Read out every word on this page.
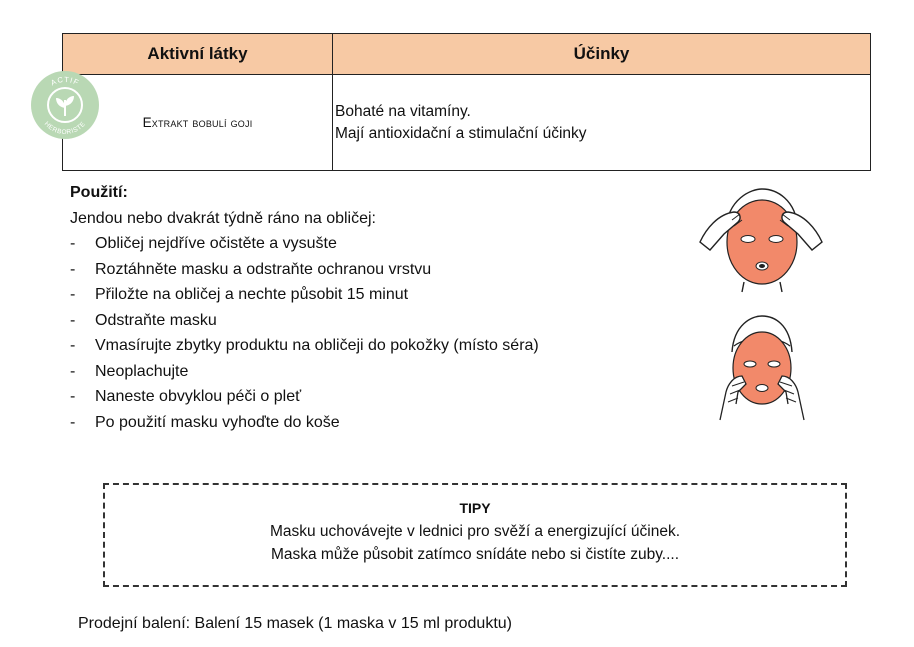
Aktivní látky	Účinky
Extrakt bobulí goji	Bohaté na vitamíny.
Mají antioxidační a stimulační účinky
ACTIF
HERBORISTE
Použití:
Jendou nebo dvakrát týdně ráno na obličej:
- Obličej nejdříve očistěte a vysušte
- Roztáhněte masku a odstraňte ochranou vrstvu
- Přiložte na obličej a nechte působit 15 minut
- Odstraňte masku
- Vmasírujte zbytky produktu na obličeji do pokožky (místo séra)
- Neoplachujte
- Naneste obvyklou péči o pleť
- Po použití masku vyhoďte do koše
TIPY
Masku uchovávejte v lednici pro svěží a energizující účinek.
Maska může působit zatímco snídáte nebo si čistíte zuby....
Prodejní balení: Balení 15 masek (1 maska v 15 ml produktu)
